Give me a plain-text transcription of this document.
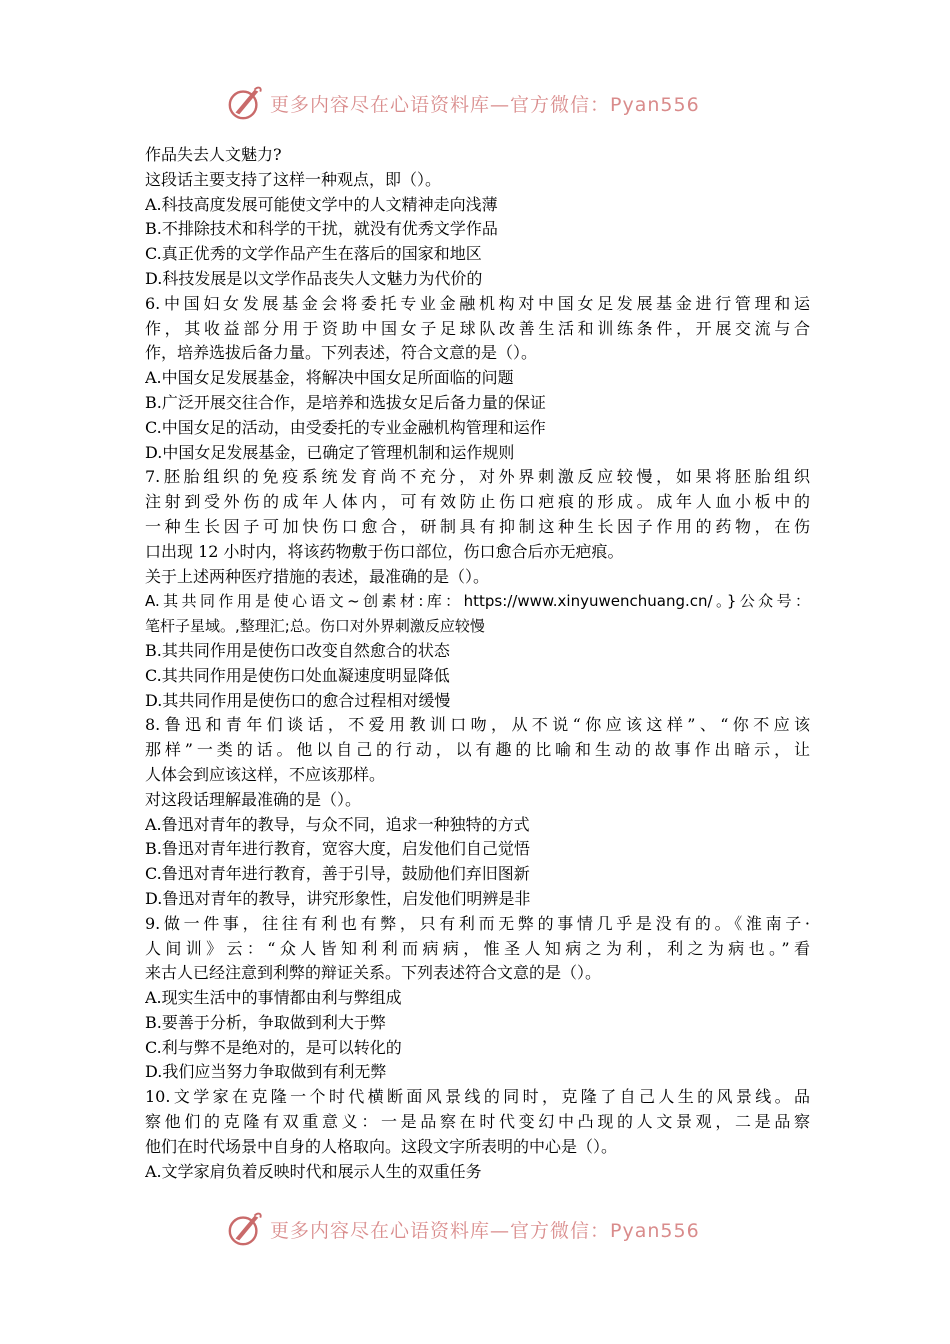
更多内容尽在心语资料库—官方微信：Pyan556
作品失去人文魅力?
这段话主要支持了这样一种观点，即（）。
A.科技高度发展可能使文学中的人文精神走向浅薄
B.不排除技术和科学的干扰，就没有优秀文学作品
C.真正优秀的文学作品产生在落后的国家和地区
D.科技发展是以文学作品丧失人文魅力为代价的
6.中国妇女发展基金会将委托专业金融机构对中国女足发展基金进行管理和运
作，其收益部分用于资助中国女子足球队改善生活和训练条件，开展交流与合
作，培养选拔后备力量。下列表述，符合文意的是（）。
A.中国女足发展基金，将解决中国女足所面临的问题
B.广泛开展交往合作，是培养和选拔女足后备力量的保证
C.中国女足的活动，由受委托的专业金融机构管理和运作
D.中国女足发展基金，已确定了管理机制和运作规则
7.胚胎组织的免疫系统发育尚不充分，对外界刺激反应较慢，如果将胚胎组织
注射到受外伤的成年人体内，可有效防止伤口疤痕的形成。成年人血小板中的
一种生长因子可加快伤口愈合，研制具有抑制这种生长因子作用的药物，在伤
口出现 12 小时内，将该药物敷于伤口部位，伤口愈合后亦无疤痕。
关于上述两种医疗措施的表述，最准确的是（）。
A.其共同作用是使心语文~创素材:库：https://www.xinyuwenchuang.cn/。}公众号：
笔杆子星域。,整理汇;总。伤口对外界刺激反应较慢
B.其共同作用是使伤口改变自然愈合的状态
C.其共同作用是使伤口处血凝速度明显降低
D.其共同作用是使伤口的愈合过程相对缓慢
8.鲁迅和青年们谈话，不爱用教训口吻，从不说“你应该这样”、“你不应该
那样”一类的话。他以自己的行动，以有趣的比喻和生动的故事作出暗示，让
人体会到应该这样，不应该那样。
对这段话理解最准确的是（）。
A.鲁迅对青年的教导，与众不同，追求一种独特的方式
B.鲁迅对青年进行教育，宽容大度，启发他们自己觉悟
C.鲁迅对青年进行教育，善于引导，鼓励他们弃旧图新
D.鲁迅对青年的教导，讲究形象性，启发他们明辨是非
9.做一件事，往往有利也有弊，只有利而无弊的事情几乎是没有的。《淮南子·
人间训》云：“众人皆知利利而病病，惟圣人知病之为利，利之为病也。”看
来古人已经注意到利弊的辩证关系。下列表述符合文意的是（）。
A.现实生活中的事情都由利与弊组成
B.要善于分析，争取做到利大于弊
C.利与弊不是绝对的，是可以转化的
D.我们应当努力争取做到有利无弊
10.文学家在克隆一个时代横断面风景线的同时，克隆了自己人生的风景线。品
察他们的克隆有双重意义：一是品察在时代变幻中凸现的人文景观，二是品察
他们在时代场景中自身的人格取向。这段文字所表明的中心是（）。
A.文学家肩负着反映时代和展示人生的双重任务
更多内容尽在心语资料库—官方微信：Pyan556
